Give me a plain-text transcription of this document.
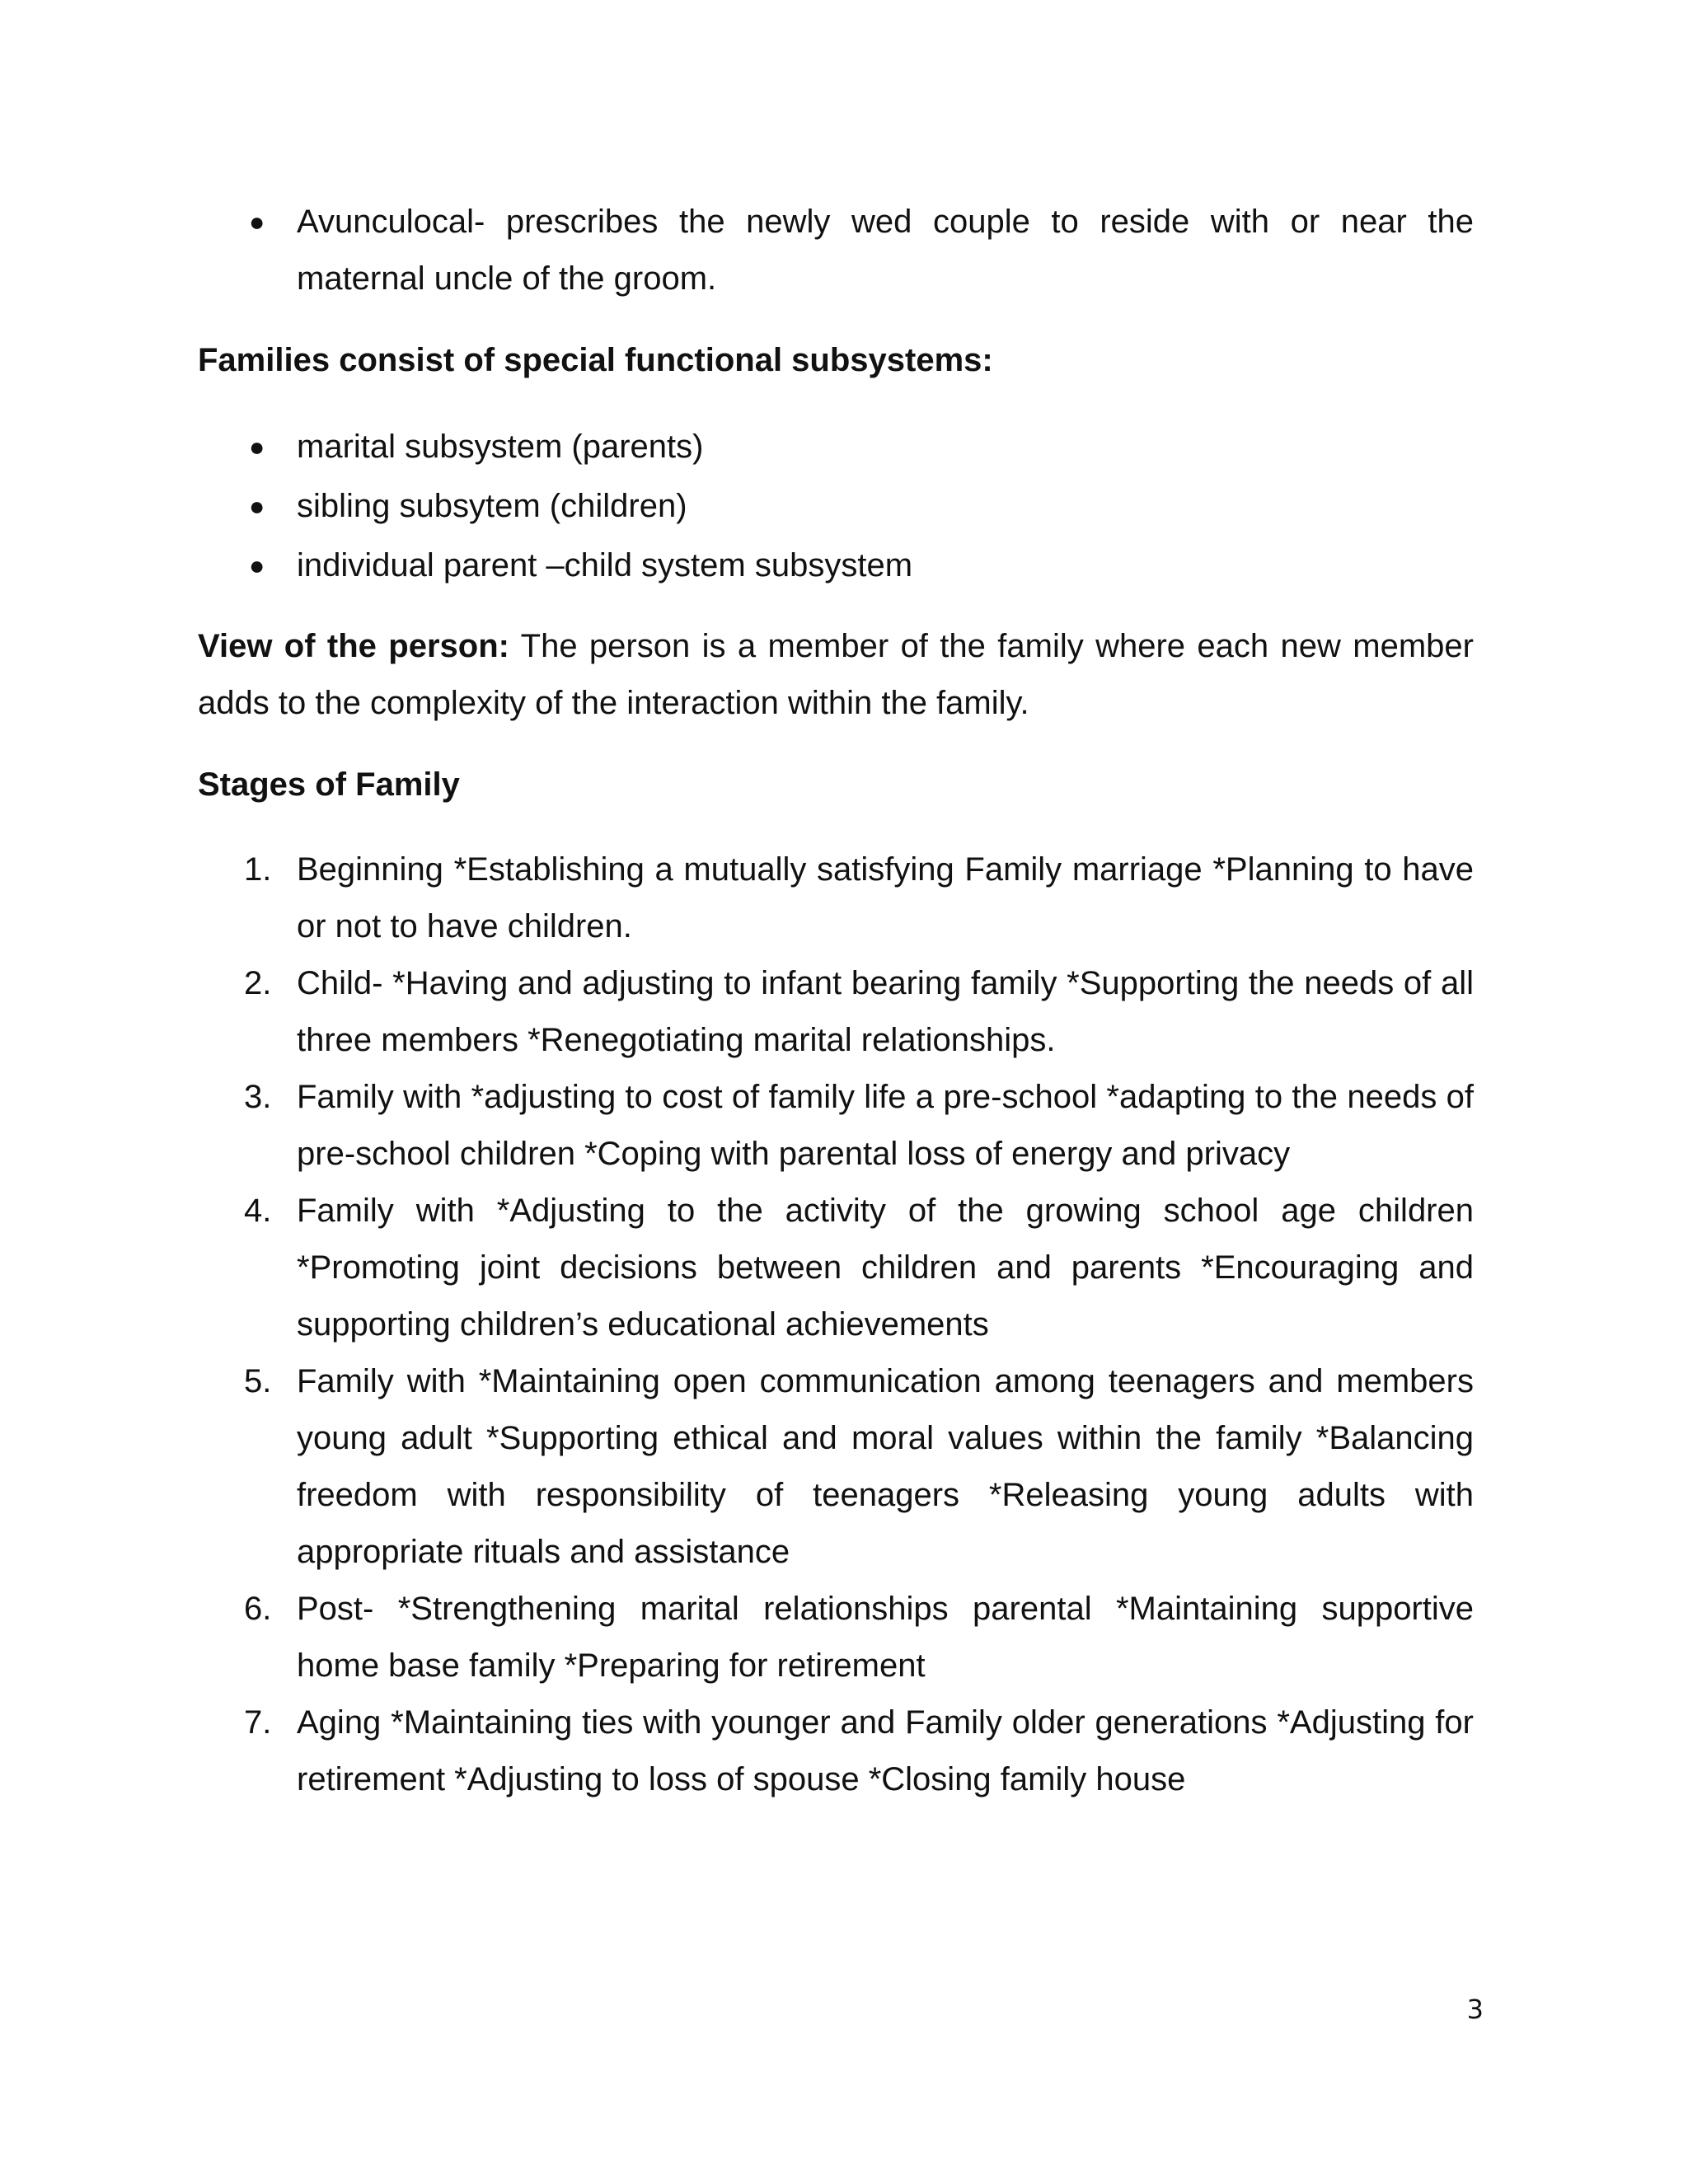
● Avunculocal- prescribes the newly wed couple to reside with or near the maternal uncle of the groom.

Families consist of special functional subsystems:

● marital subsystem (parents)
● sibling subsytem (children)
● individual parent –child system subsystem

View of the person: The person is a member of the family where each new member adds to the complexity of the interaction within the family.

Stages of Family

1. Beginning *Establishing a mutually satisfying Family marriage *Planning to have or not to have children.
2. Child- *Having and adjusting to infant bearing family *Supporting the needs of all three members *Renegotiating marital relationships.
3. Family with *adjusting to cost of family life a pre-school *adapting to the needs of pre-school children *Coping with parental loss of energy and privacy
4. Family with *Adjusting to the activity of the growing school age children *Promoting joint decisions between children and parents *Encouraging and supporting children’s educational achievements
5. Family with *Maintaining open communication among teenagers and members young adult *Supporting ethical and moral values within the family *Balancing freedom with responsibility of teenagers *Releasing young adults with appropriate rituals and assistance
6. Post- *Strengthening marital relationships parental *Maintaining supportive home base family *Preparing for retirement
7. Aging *Maintaining ties with younger and Family older generations *Adjusting for retirement *Adjusting to loss of spouse *Closing family house
3
